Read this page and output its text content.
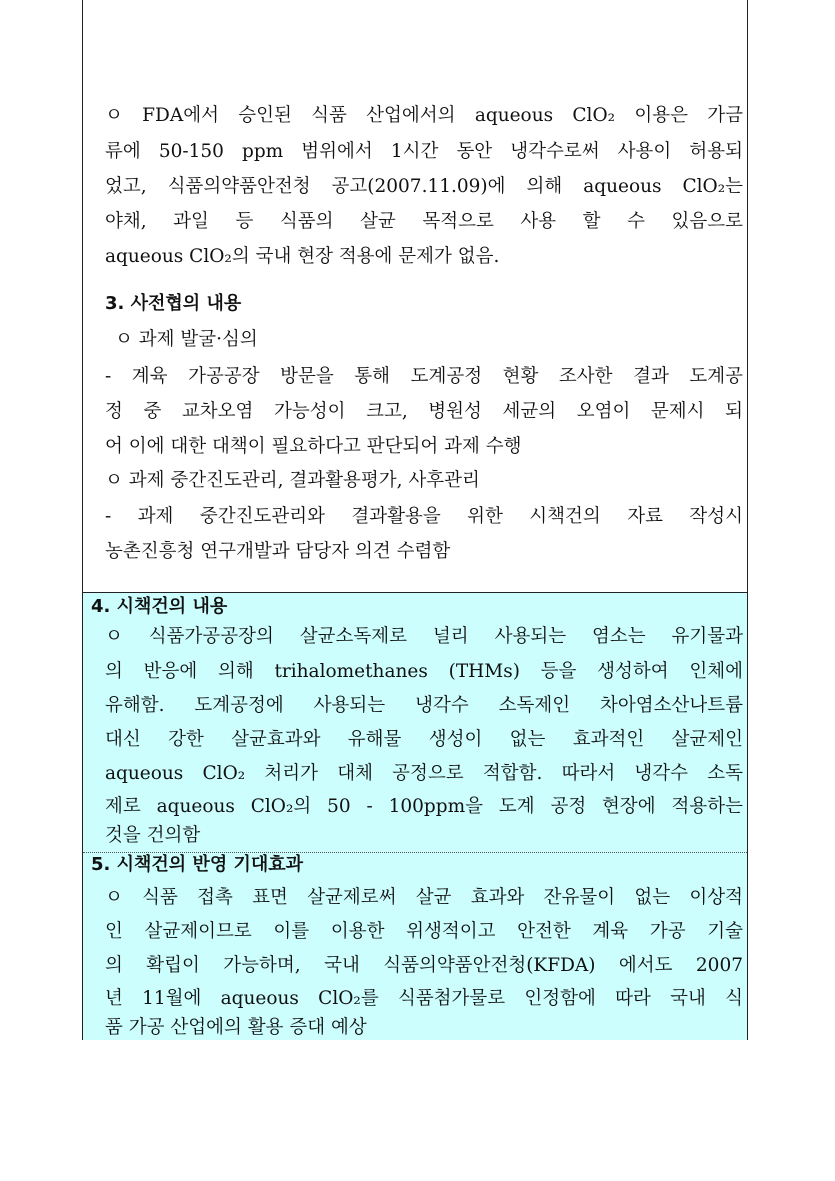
ㅇ FDA에서 승인된 식품 산업에서의 aqueous ClO₂ 이용은 가금
류에 50-150 ppm 범위에서 1시간 동안 냉각수로써 사용이 허용되
었고, 식품의약품안전청 공고(2007.11.09)에 의해 aqueous ClO₂는
야채, 과일 등 식품의 살균 목적으로 사용 할 수 있음으로
aqueous ClO₂의 국내 현장 적용에 문제가 없음.
3. 사전협의 내용
ㅇ 과제 발굴·심의
- 계육 가공공장 방문을 통해 도계공정 현황 조사한 결과 도계공
정 중 교차오염 가능성이 크고, 병원성 세균의 오염이 문제시 되
어 이에 대한 대책이 필요하다고 판단되어 과제 수행
ㅇ 과제 중간진도관리, 결과활용평가, 사후관리
- 과제 중간진도관리와 결과활용을 위한 시책건의 자료 작성시
농촌진흥청 연구개발과 담당자 의견 수렴함
4. 시책건의 내용
ㅇ 식품가공공장의 살균소독제로 널리 사용되는 염소는 유기물과
의 반응에 의해 trihalomethanes (THMs) 등을 생성하여 인체에
유해함. 도계공정에 사용되는 냉각수 소독제인 차아염소산나트륨
대신 강한 살균효과와 유해물 생성이 없는 효과적인 살균제인
aqueous ClO₂ 처리가 대체 공정으로 적합함. 따라서 냉각수 소독
제로 aqueous ClO₂의 50 - 100ppm을 도계 공정 현장에 적용하는
것을 건의함
5. 시책건의 반영 기대효과
ㅇ 식품 접촉 표면 살균제로써 살균 효과와 잔유물이 없는 이상적
인 살균제이므로 이를 이용한 위생적이고 안전한 계육 가공 기술
의 확립이 가능하며, 국내 식품의약품안전청(KFDA) 에서도 2007
년 11월에 aqueous ClO₂를 식품첨가물로 인정함에 따라 국내 식
품 가공 산업에의 활용 증대 예상
